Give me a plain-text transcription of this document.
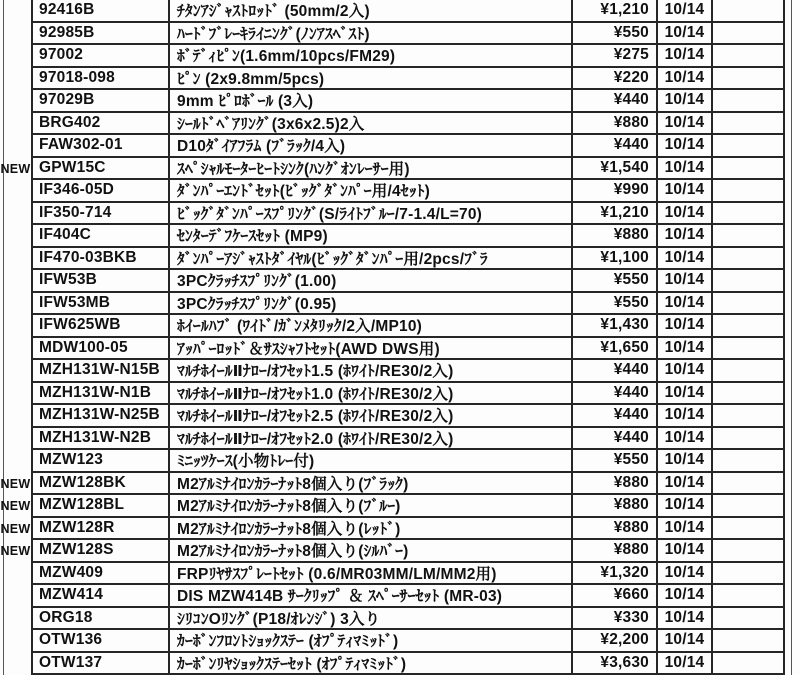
92416B	ﾁﾀﾝｱｼﾞｬｽﾄﾛｯﾄﾞ (50mm/2入)	¥1,210	10/14
92985B	ﾊｰﾄﾞﾌﾞﾚｰｷﾗｲﾆﾝｸﾞ(ﾉﾝｱｽﾍﾞｽﾄ)	¥550	10/14
97002	ﾎﾞﾃﾞｨﾋﾟﾝ(1.6mm/10pcs/FM29)	¥275	10/14
97018-098	ﾋﾟﾝ (2x9.8mm/5pcs)	¥220	10/14
97029B	9mm ﾋﾟﾛﾎﾞｰﾙ (3入)	¥440	10/14
BRG402	ｼｰﾙﾄﾞﾍﾞｱﾘﾝｸﾞ(3x6x2.5)2入	¥880	10/14
FAW302-01	D10ﾀﾞｲｱﾌﾗﾑ (ﾌﾞﾗｯｸ/4入)	¥440	10/14
NEW GPW15C	ｽﾍﾟｼｬﾙﾓｰﾀｰﾋｰﾄｼﾝｸ(ﾊﾝｸﾞｵﾝﾚｰｻｰ用)	¥1,540	10/14
IF346-05D	ﾀﾞﾝﾊﾟｰｴﾝﾄﾞｾｯﾄ(ﾋﾞｯｸﾞﾀﾞﾝﾊﾟｰ用/4ｾｯﾄ)	¥990	10/14
IF350-714	ﾋﾞｯｸﾞﾀﾞﾝﾊﾟｰｽﾌﾟﾘﾝｸﾞ(S/ﾗｲﾄﾌﾞﾙｰ/7-1.4/L=70)	¥1,210	10/14
IF404C	ｾﾝﾀｰﾃﾞﾌｹｰｽｾｯﾄ (MP9)	¥880	10/14
IF470-03BKB	ﾀﾞﾝﾊﾟｰｱｼﾞｬｽﾄﾀﾞｲﾔﾙ(ﾋﾞｯｸﾞﾀﾞﾝﾊﾟｰ用/2pcs/ﾌﾞﾗ	¥1,100	10/14
IFW53B	3PCｸﾗｯﾁｽﾌﾟﾘﾝｸﾞ(1.00)	¥550	10/14
IFW53MB	3PCｸﾗｯﾁｽﾌﾟﾘﾝｸﾞ(0.95)	¥550	10/14
IFW625WB	ﾎｲｰﾙﾊﾌﾞ (ﾜｲﾄﾞ/ｶﾞﾝﾒﾀﾘｯｸ/2入/MP10)	¥1,430	10/14
MDW100-05	ｱｯﾊﾟｰﾛｯﾄﾞ＆ｻｽｼｬﾌﾄｾｯﾄ(AWD DWS用)	¥1,650	10/14
MZH131W-N15B	ﾏﾙﾁﾎｲｰﾙⅡﾅﾛｰ/ｵﾌｾｯﾄ1.5 (ﾎﾜｲﾄ/RE30/2入)	¥440	10/14
MZH131W-N1B	ﾏﾙﾁﾎｲｰﾙⅡﾅﾛｰ/ｵﾌｾｯﾄ1.0 (ﾎﾜｲﾄ/RE30/2入)	¥440	10/14
MZH131W-N25B	ﾏﾙﾁﾎｲｰﾙⅡﾅﾛｰ/ｵﾌｾｯﾄ2.5 (ﾎﾜｲﾄ/RE30/2入)	¥440	10/14
MZH131W-N2B	ﾏﾙﾁﾎｲｰﾙⅡﾅﾛｰ/ｵﾌｾｯﾄ2.0 (ﾎﾜｲﾄ/RE30/2入)	¥440	10/14
MZW123	ﾐﾆｯﾂｹｰｽ(小物ﾄﾚｰ付)	¥550	10/14
NEW MZW128BK	M2ｱﾙﾐﾅｲﾛﾝｶﾗｰﾅｯﾄ8個入り(ﾌﾞﾗｯｸ)	¥880	10/14
NEW MZW128BL	M2ｱﾙﾐﾅｲﾛﾝｶﾗｰﾅｯﾄ8個入り(ﾌﾞﾙｰ)	¥880	10/14
NEW MZW128R	M2ｱﾙﾐﾅｲﾛﾝｶﾗｰﾅｯﾄ8個入り(ﾚｯﾄﾞ)	¥880	10/14
NEW MZW128S	M2ｱﾙﾐﾅｲﾛﾝｶﾗｰﾅｯﾄ8個入り(ｼﾙﾊﾞｰ)	¥880	10/14
MZW409	FRPﾘﾔｻｽﾌﾟﾚｰﾄｾｯﾄ (0.6/MR03MM/LM/MM2用)	¥1,320	10/14
MZW414	DIS MZW414B ｻｰｸﾘｯﾌﾟ ＆ ｽﾍﾟｰｻｰｾｯﾄ (MR-03)	¥660	10/14
ORG18	ｼﾘｺﾝOﾘﾝｸﾞ(P18/ｵﾚﾝｼﾞ) 3入り	¥330	10/14
OTW136	ｶｰﾎﾞﾝﾌﾛﾝﾄｼｮｯｸｽﾃｰ (ｵﾌﾟﾃｨﾏﾐｯﾄﾞ)	¥2,200	10/14
OTW137	ｶｰﾎﾞﾝﾘﾔｼｮｯｸｽﾃｰｾｯﾄ (ｵﾌﾟﾃｨﾏﾐｯﾄﾞ)	¥3,630	10/14
